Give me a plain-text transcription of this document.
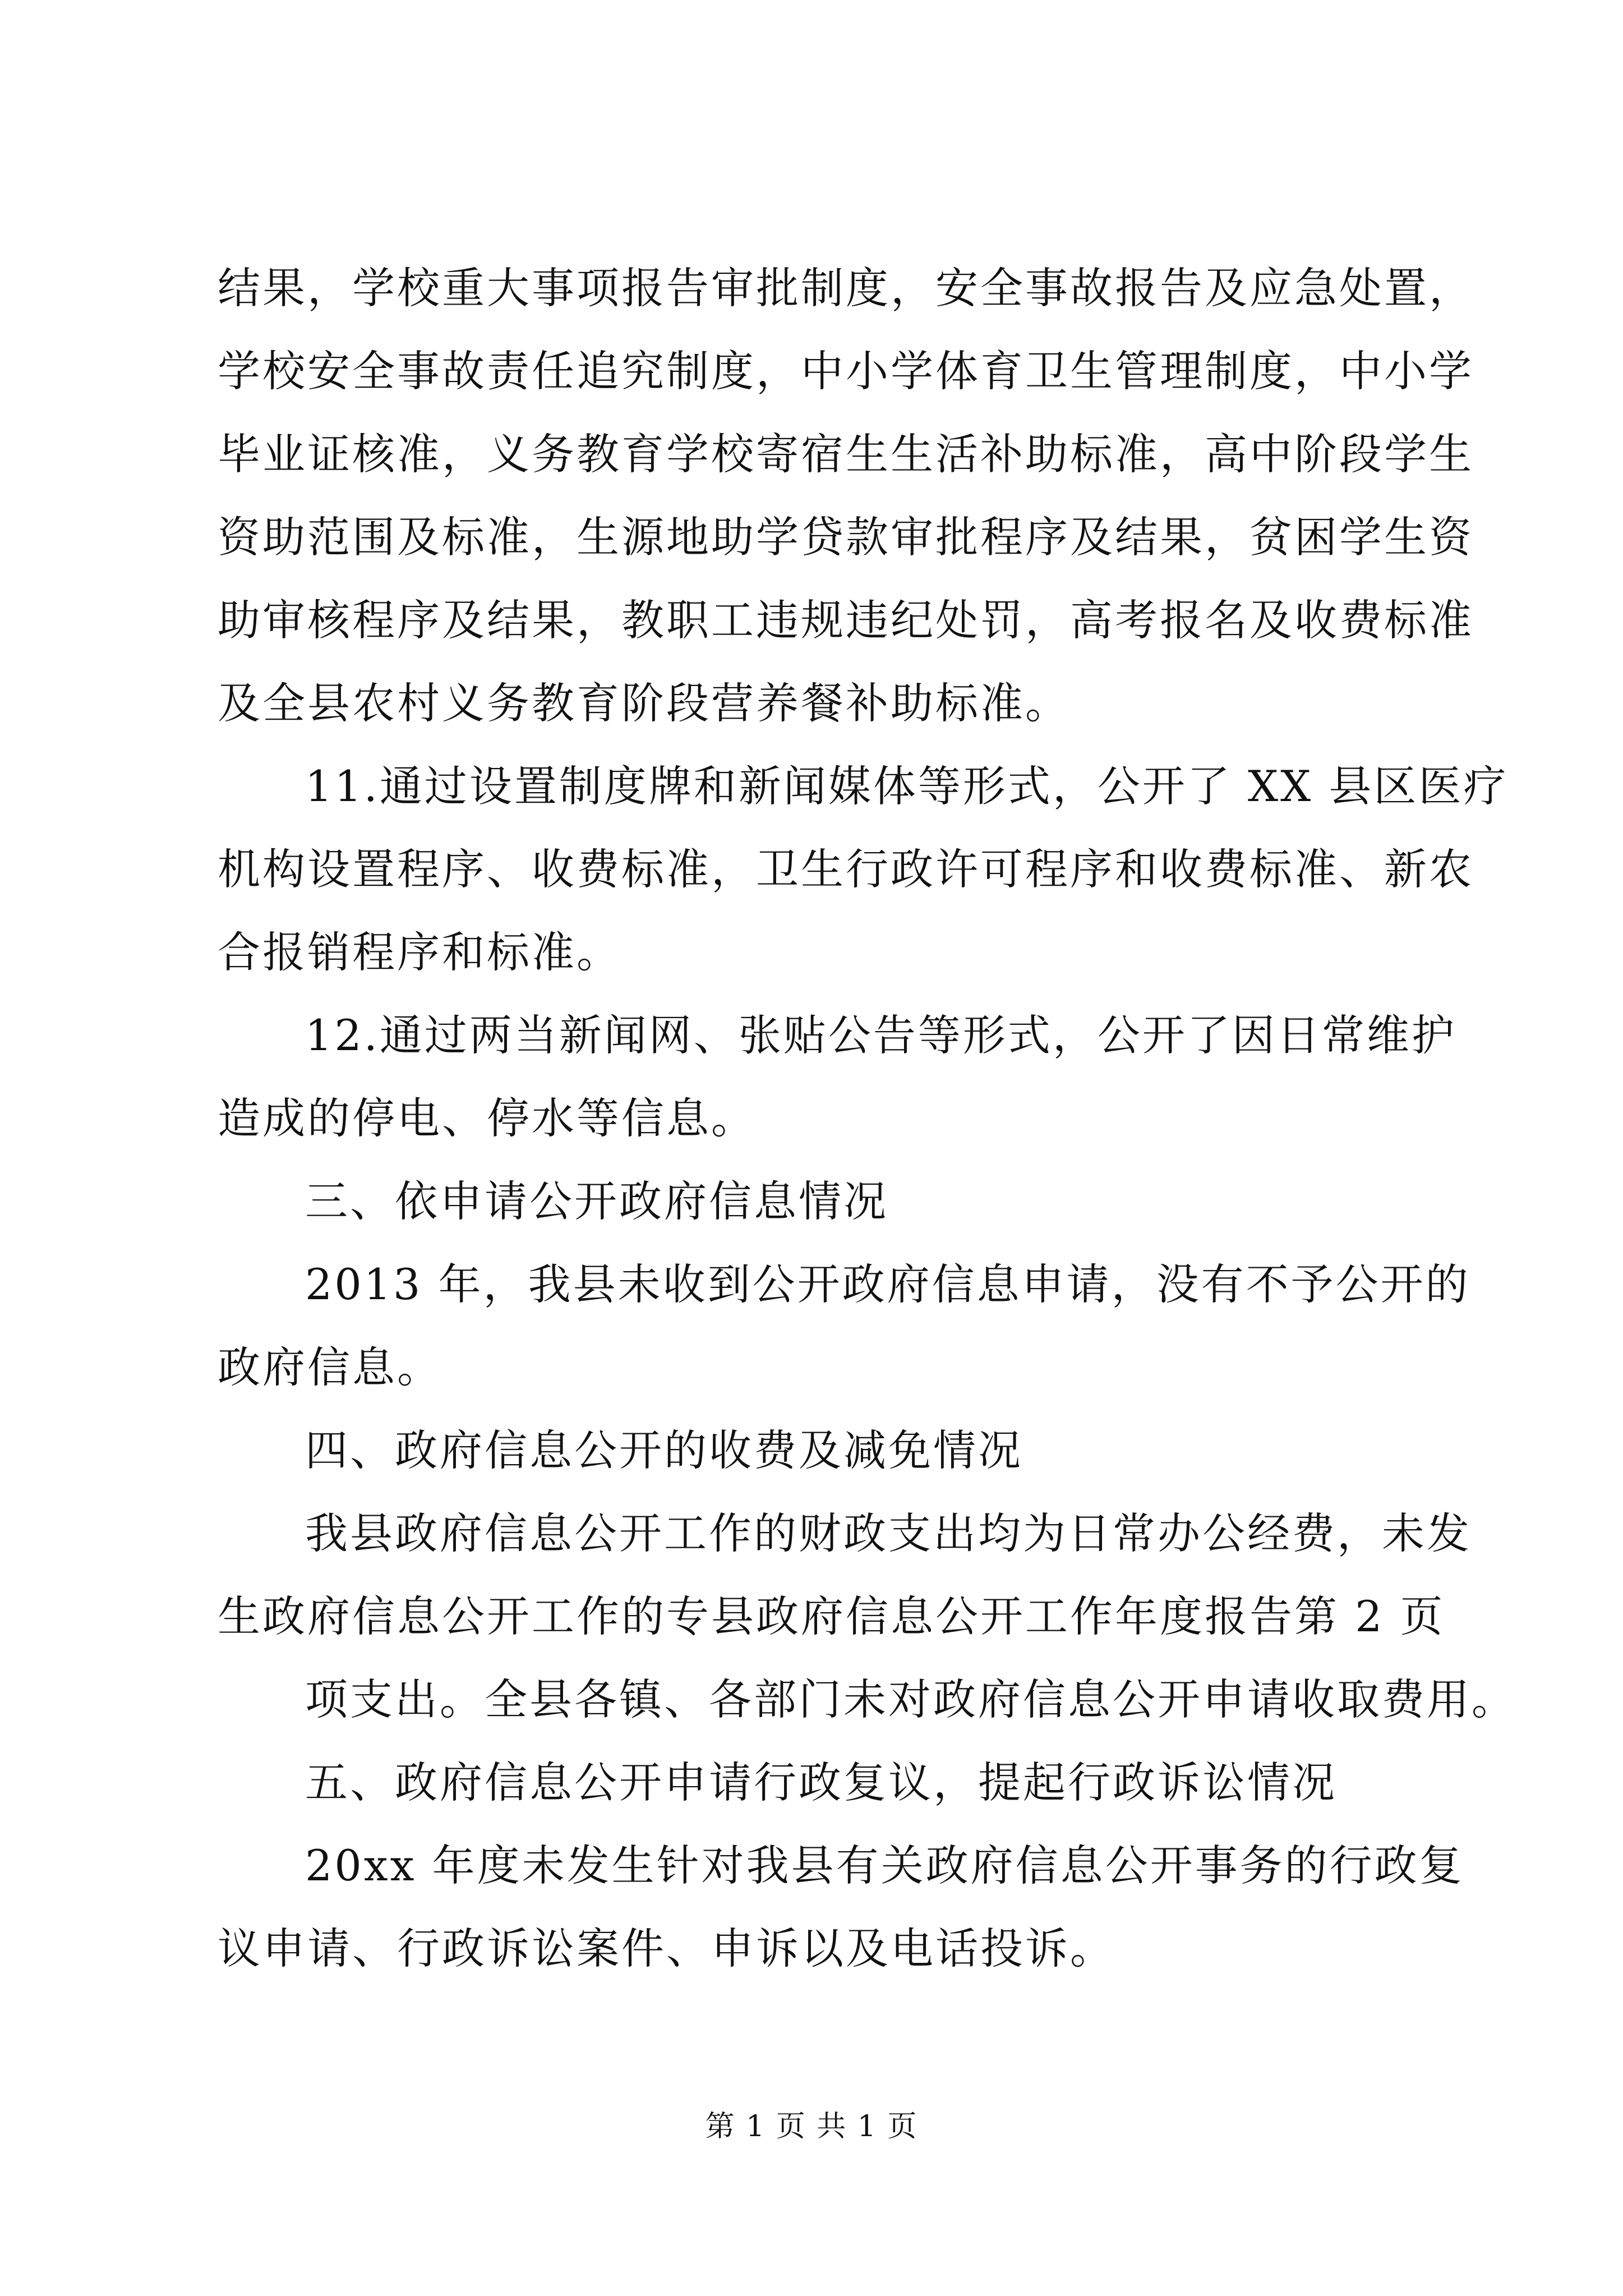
结果，学校重大事项报告审批制度，安全事故报告及应急处置，
学校安全事故责任追究制度，中小学体育卫生管理制度，中小学
毕业证核准，义务教育学校寄宿生生活补助标准，高中阶段学生
资助范围及标准，生源地助学贷款审批程序及结果，贫困学生资
助审核程序及结果，教职工违规违纪处罚，高考报名及收费标准
及全县农村义务教育阶段营养餐补助标准。
11.通过设置制度牌和新闻媒体等形式，公开了 XX 县区医疗
机构设置程序、收费标准，卫生行政许可程序和收费标准、新农
合报销程序和标准。
12.通过两当新闻网、张贴公告等形式，公开了因日常维护
造成的停电、停水等信息。
三、依申请公开政府信息情况
2013 年，我县未收到公开政府信息申请，没有不予公开的
政府信息。
四、政府信息公开的收费及减免情况
我县政府信息公开工作的财政支出均为日常办公经费，未发
生政府信息公开工作的专县政府信息公开工作年度报告第 2 页
项支出。全县各镇、各部门未对政府信息公开申请收取费用。
五、政府信息公开申请行政复议，提起行政诉讼情况
20xx 年度未发生针对我县有关政府信息公开事务的行政复
议申请、行政诉讼案件、申诉以及电话投诉。
第 1 页 共 1 页
